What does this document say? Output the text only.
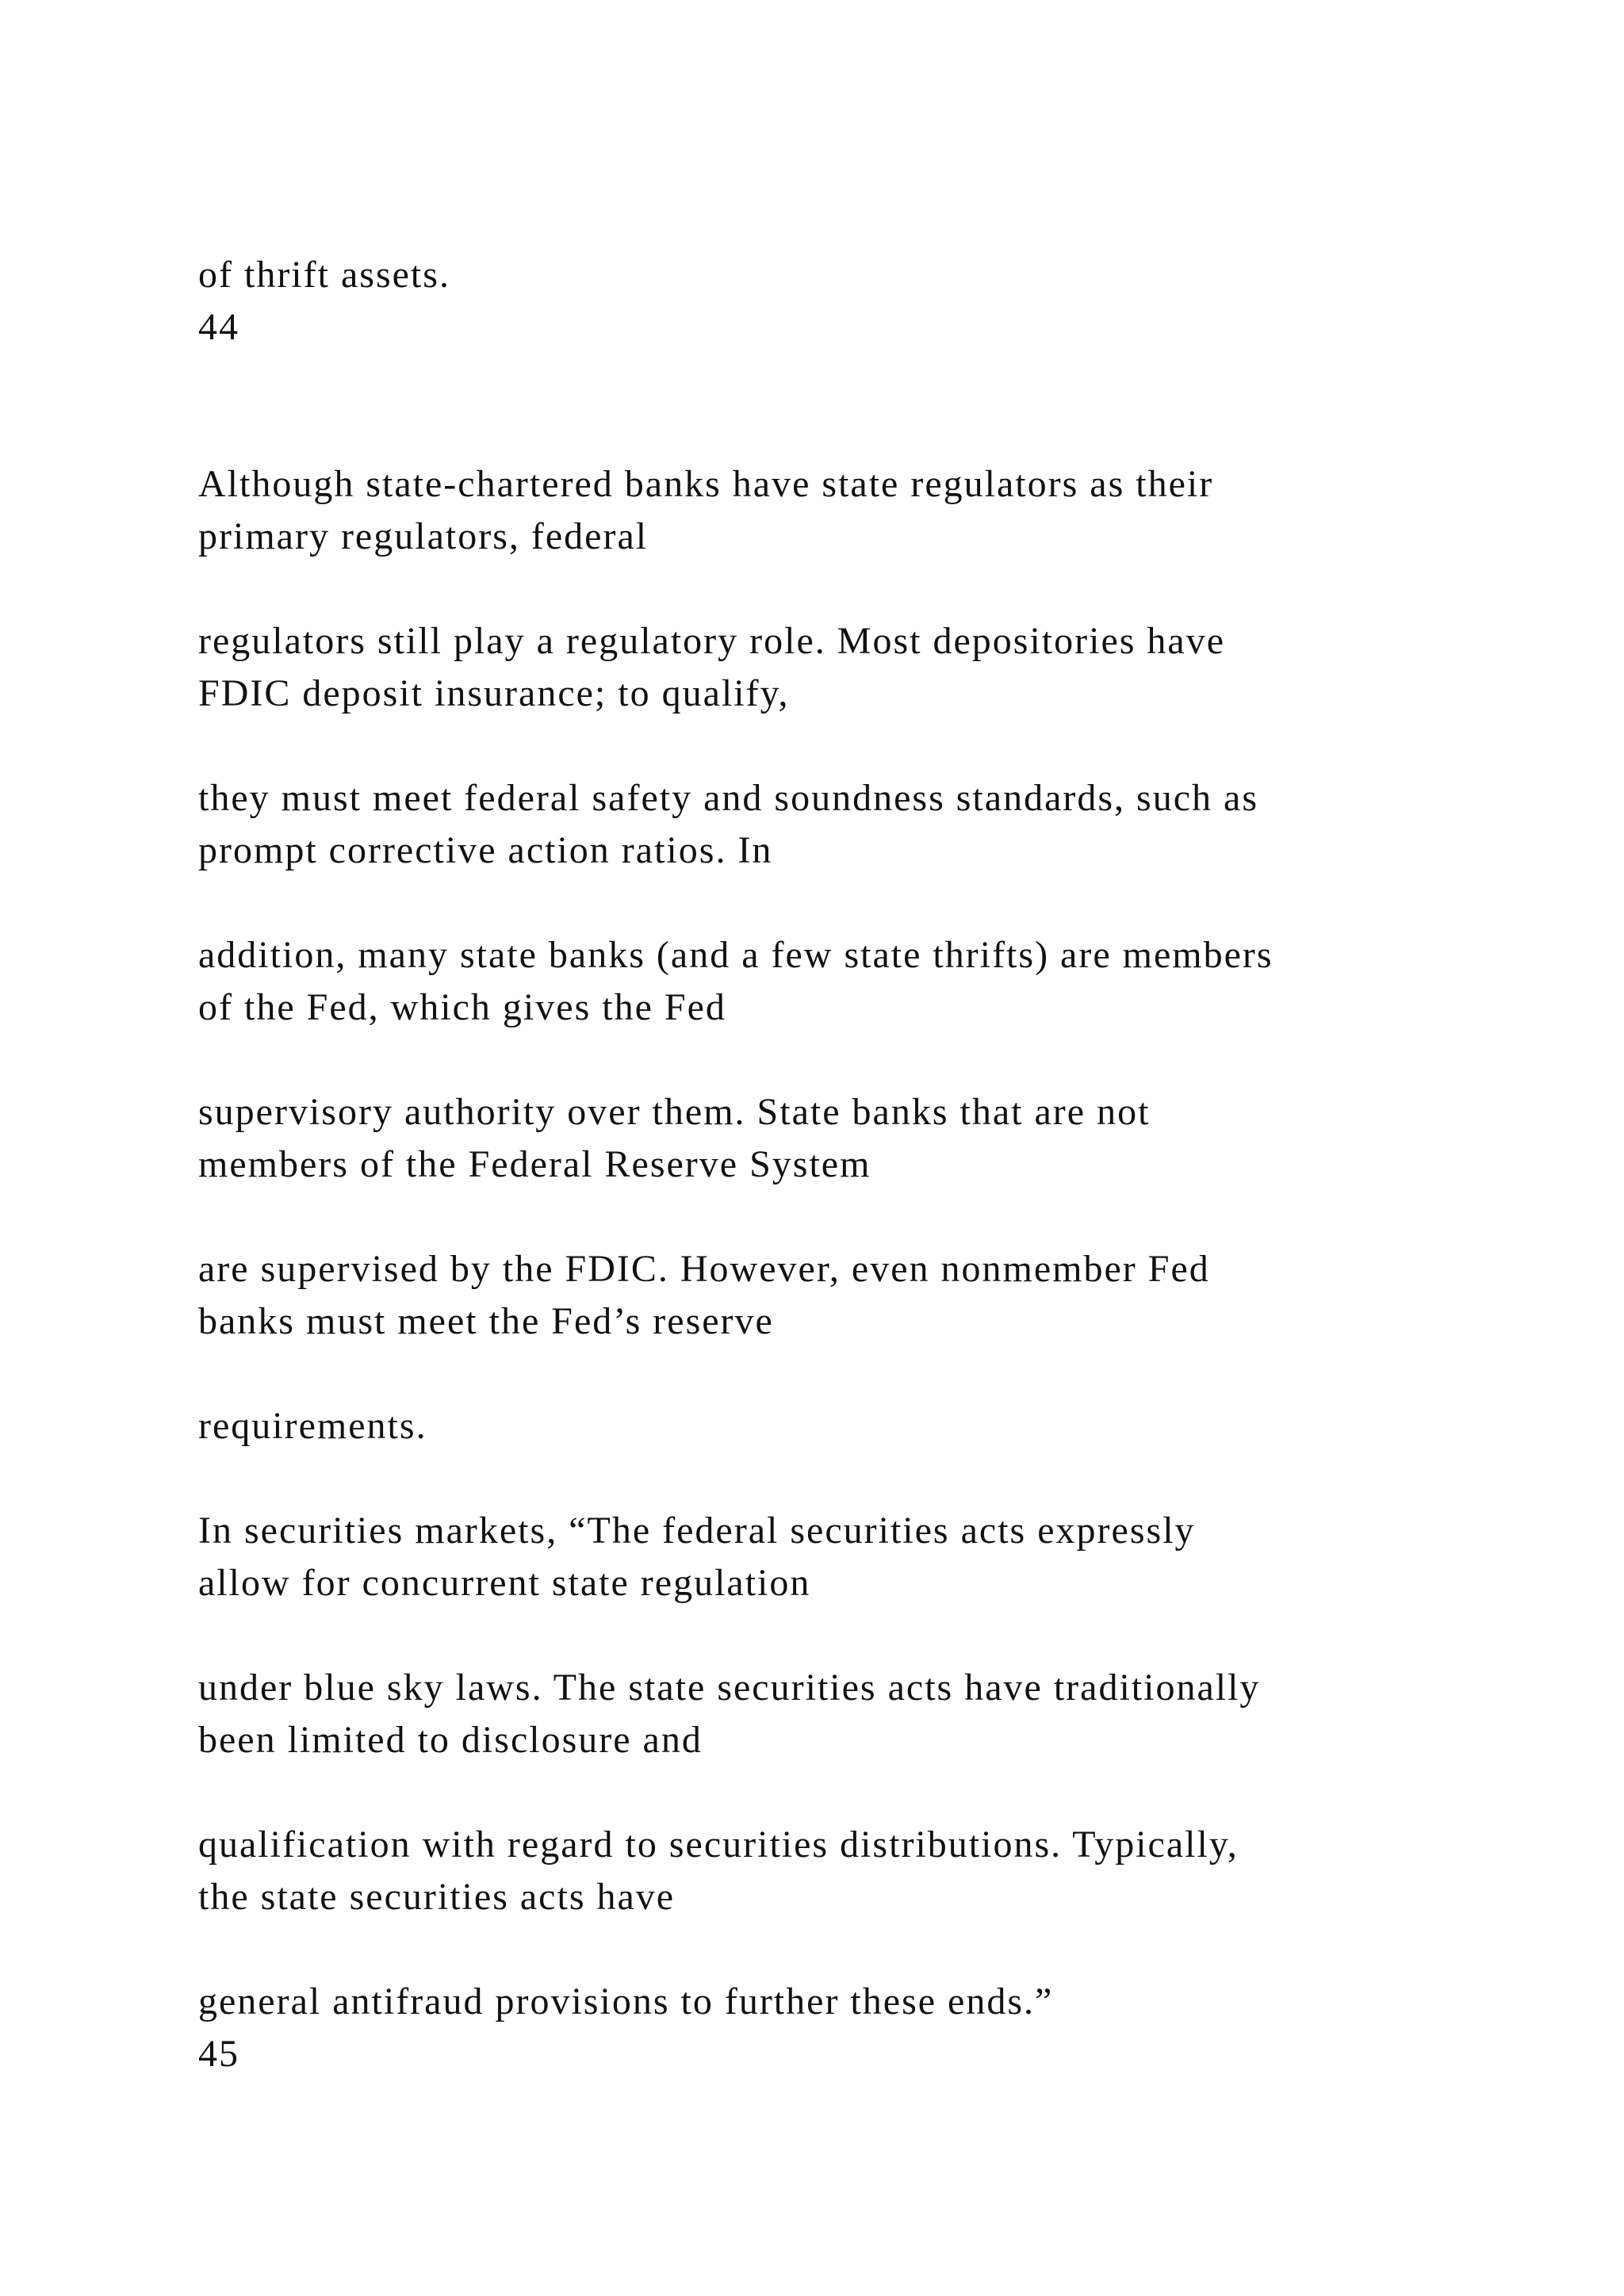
of thrift assets.
44
Although state-chartered banks have state regulators as their
primary regulators, federal
regulators still play a regulatory role. Most depositories have
FDIC deposit insurance; to qualify,
they must meet federal safety and soundness standards, such as
prompt corrective action ratios. In
addition, many state banks (and a few state thrifts) are members
of the Fed, which gives the Fed
supervisory authority over them. State banks that are not
members of the Federal Reserve System
are supervised by the FDIC. However, even nonmember Fed
banks must meet the Fed’s reserve
requirements.
In securities markets, “The federal securities acts expressly
allow for concurrent state regulation
under blue sky laws. The state securities acts have traditionally
been limited to disclosure and
qualification with regard to securities distributions. Typically,
the state securities acts have
general antifraud provisions to further these ends.”
45
